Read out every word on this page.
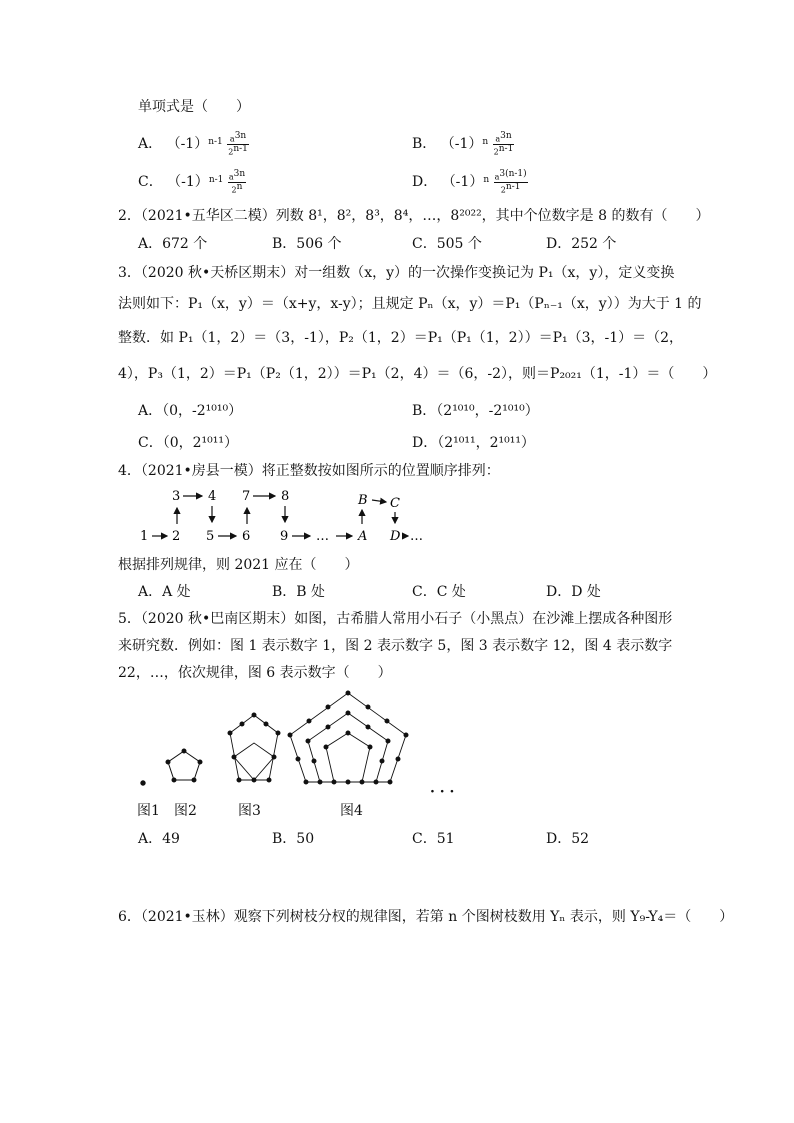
单项式是（　　）
A． $(-1)^{n-1} \frac{a^{3n}}{2^{n-1}}$	B． $(-1)^n \frac{a^{3n}}{2^{n-1}}$
C． $(-1)^{n-1} \frac{a^{3n}}{2^n}$	D． $(-1)^n \frac{a^{3(n-1)}}{2^{n-1}}$
2．（2021•五华区二模）列数 8¹，8²，8³，8⁴，…，8²⁰²²，其中个位数字是 8 的数有（　　）
A．672 个	B．506 个	C．505 个	D．252 个
3．（2020 秋•天桥区期末）对一组数（x，y）的一次操作变换记为 P₁（x，y），定义变换
法则如下：P₁（x，y）＝（x+y，x-y）；且规定 Pₙ（x，y）＝P₁（Pₙ₋₁（x，y））为大于 1 的
整数．如 P₁（1，2）＝（3，-1），P₂（1，2）＝P₁（P₁（1，2））＝P₁（3，-1）＝（2，
4），P₃（1，2）＝P₁（P₂（1，2））＝P₁（2，4）＝（6，-2），则＝P₂₀₂₁（1，-1）＝（　　）
A．（0，-2¹⁰¹⁰）	B．（2¹⁰¹⁰，-2¹⁰¹⁰）
C．（0，2¹⁰¹¹）	D．（2¹⁰¹¹，2¹⁰¹¹）
4．（2021•房县一模）将正整数按如图所示的位置顺序排列：
3 4 7 8	B C
1 2 5 6 9 … A D …
根据排列规律，则 2021 应在（　　）
A．A 处	B．B 处	C．C 处	D．D 处
5．（2020 秋•巴南区期末）如图，古希腊人常用小石子（小黑点）在沙滩上摆成各种图形
来研究数．例如：图 1 表示数字 1，图 2 表示数字 5，图 3 表示数字 12，图 4 表示数字
22，…，依次规律，图 6 表示数字（　　）
图1 图2	图3	图4
· · ·
A．49	B．50	C．51	D．52
6．（2021•玉林）观察下列树枝分杈的规律图，若第 n 个图树枝数用 Yₙ 表示，则 Y₉-Y₄＝（　　）
